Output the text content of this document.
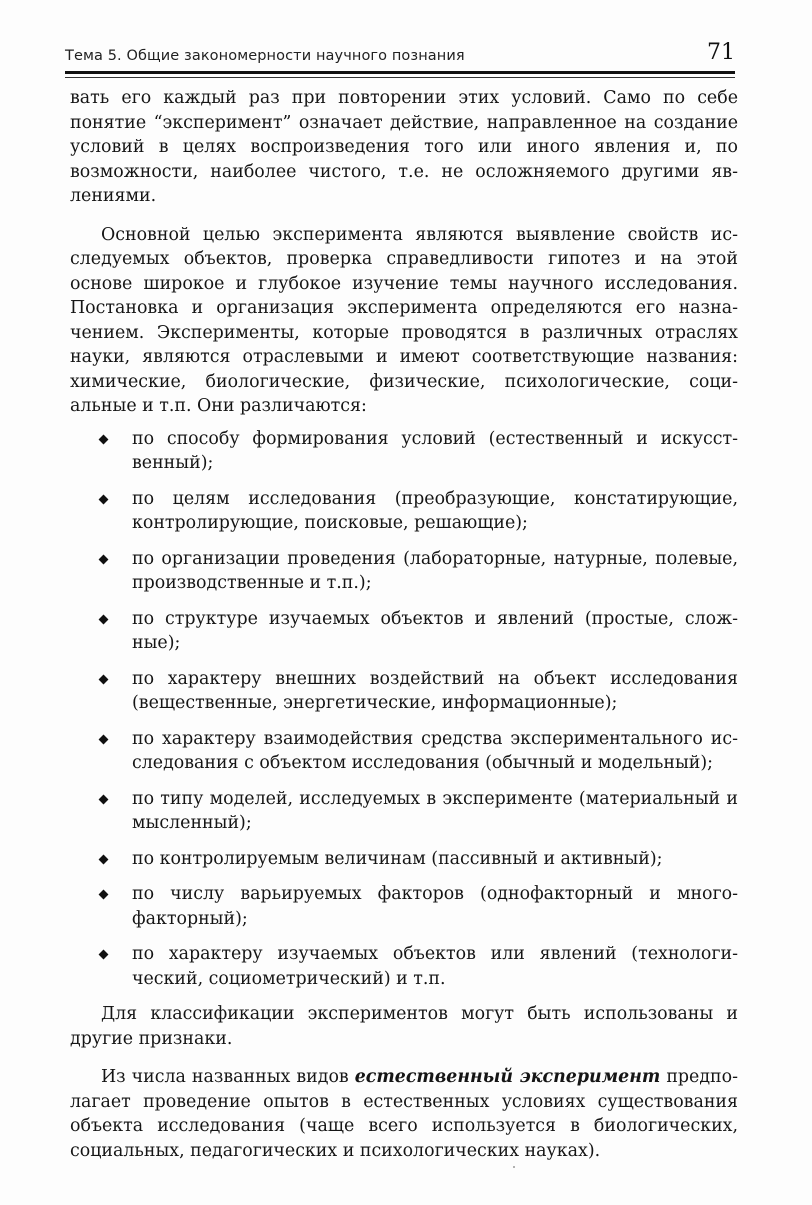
Тема 5. Общие закономерности научного познания	71

вать его каждый раз при повторении этих условий. Само по себе понятие “эксперимент” означает действие, направленное на создание условий в целях воспроизведения того или иного явления и, по возможности, наиболее чистого, т.е. не осложняемого другими явлениями.

Основной целью эксперимента являются выявление свойств исследуемых объектов, проверка справедливости гипотез и на этой основе широкое и глубокое изучение темы научного исследования. Постановка и организация эксперимента определяются его назначением. Эксперименты, которые проводятся в различных отраслях науки, являются отраслевыми и имеют соответствующие названия: химические, биологические, физические, психологические, социальные и т.п. Они различаются:

по способу формирования условий (естественный и искусственный);
по целям исследования (преобразующие, констатирующие, контролирующие, поисковые, решающие);
по организации проведения (лабораторные, натурные, полевые, производственные и т.п.);
по структуре изучаемых объектов и явлений (простые, сложные);
по характеру внешних воздействий на объект исследования (вещественные, энергетические, информационные);
по характеру взаимодействия средства экспериментального исследования с объектом исследования (обычный и модельный);
по типу моделей, исследуемых в эксперименте (материальный и мысленный);
по контролируемым величинам (пассивный и активный);
по числу варьируемых факторов (однофакторный и многофакторный);
по характеру изучаемых объектов или явлений (технологический, социометрический) и т.п.

Для классификации экспериментов могут быть использованы и другие признаки.

Из числа названных видов естественный эксперимент предполагает проведение опытов в естественных условиях существования объекта исследования (чаще всего используется в биологических, социальных, педагогических и психологических науках).
